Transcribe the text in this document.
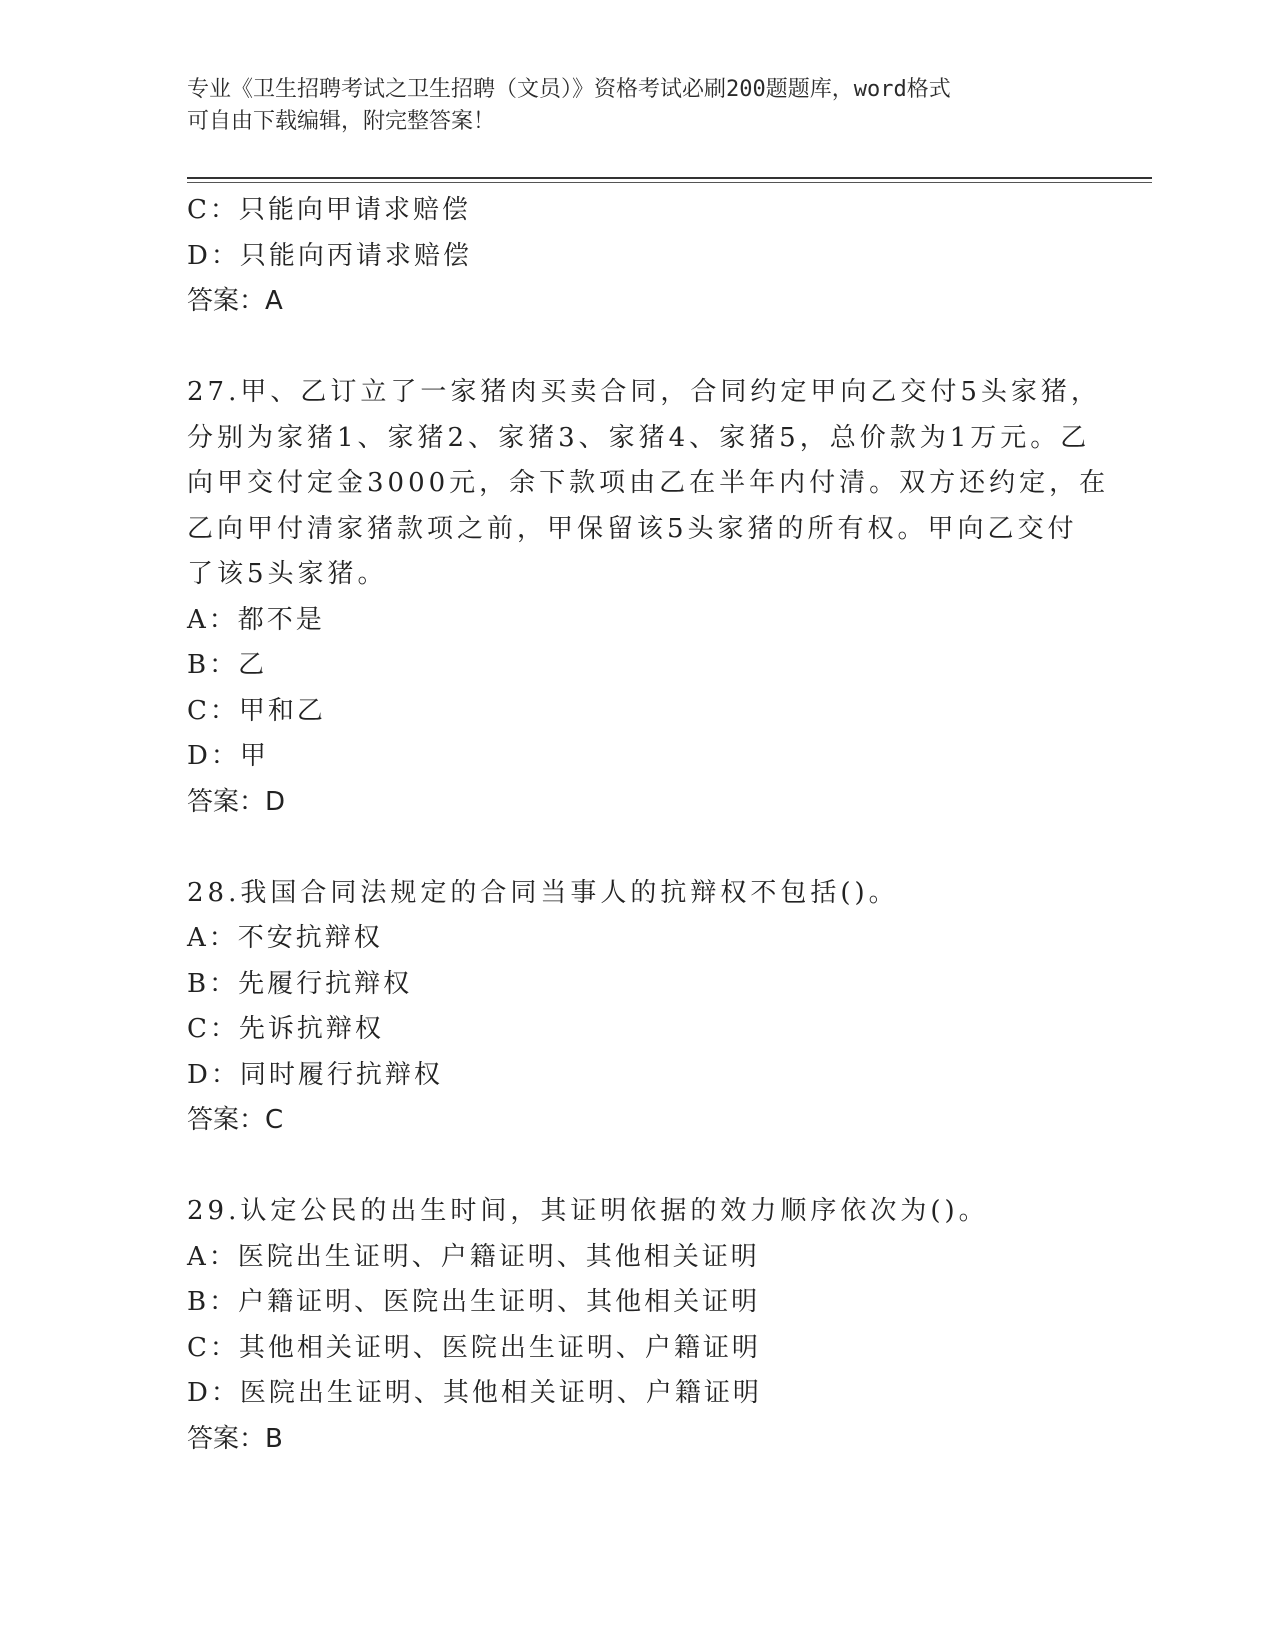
专业《卫生招聘考试之卫生招聘（文员）》资格考试必刷200题题库，word格式
可自由下载编辑，附完整答案！
C：只能向甲请求赔偿
D：只能向丙请求赔偿
答案：A
27.甲、乙订立了一家猪肉买卖合同，合同约定甲向乙交付5头家猪，
分别为家猪1、家猪2、家猪3、家猪4、家猪5，总价款为1万元。乙
向甲交付定金3000元，余下款项由乙在半年内付清。双方还约定，在
乙向甲付清家猪款项之前，甲保留该5头家猪的所有权。甲向乙交付
了该5头家猪。
A：都不是
B：乙
C：甲和乙
D：甲
答案：D
28.我国合同法规定的合同当事人的抗辩权不包括()。
A：不安抗辩权
B：先履行抗辩权
C：先诉抗辩权
D：同时履行抗辩权
答案：C
29.认定公民的出生时间，其证明依据的效力顺序依次为()。
A：医院出生证明、户籍证明、其他相关证明
B：户籍证明、医院出生证明、其他相关证明
C：其他相关证明、医院出生证明、户籍证明
D：医院出生证明、其他相关证明、户籍证明
答案：B
